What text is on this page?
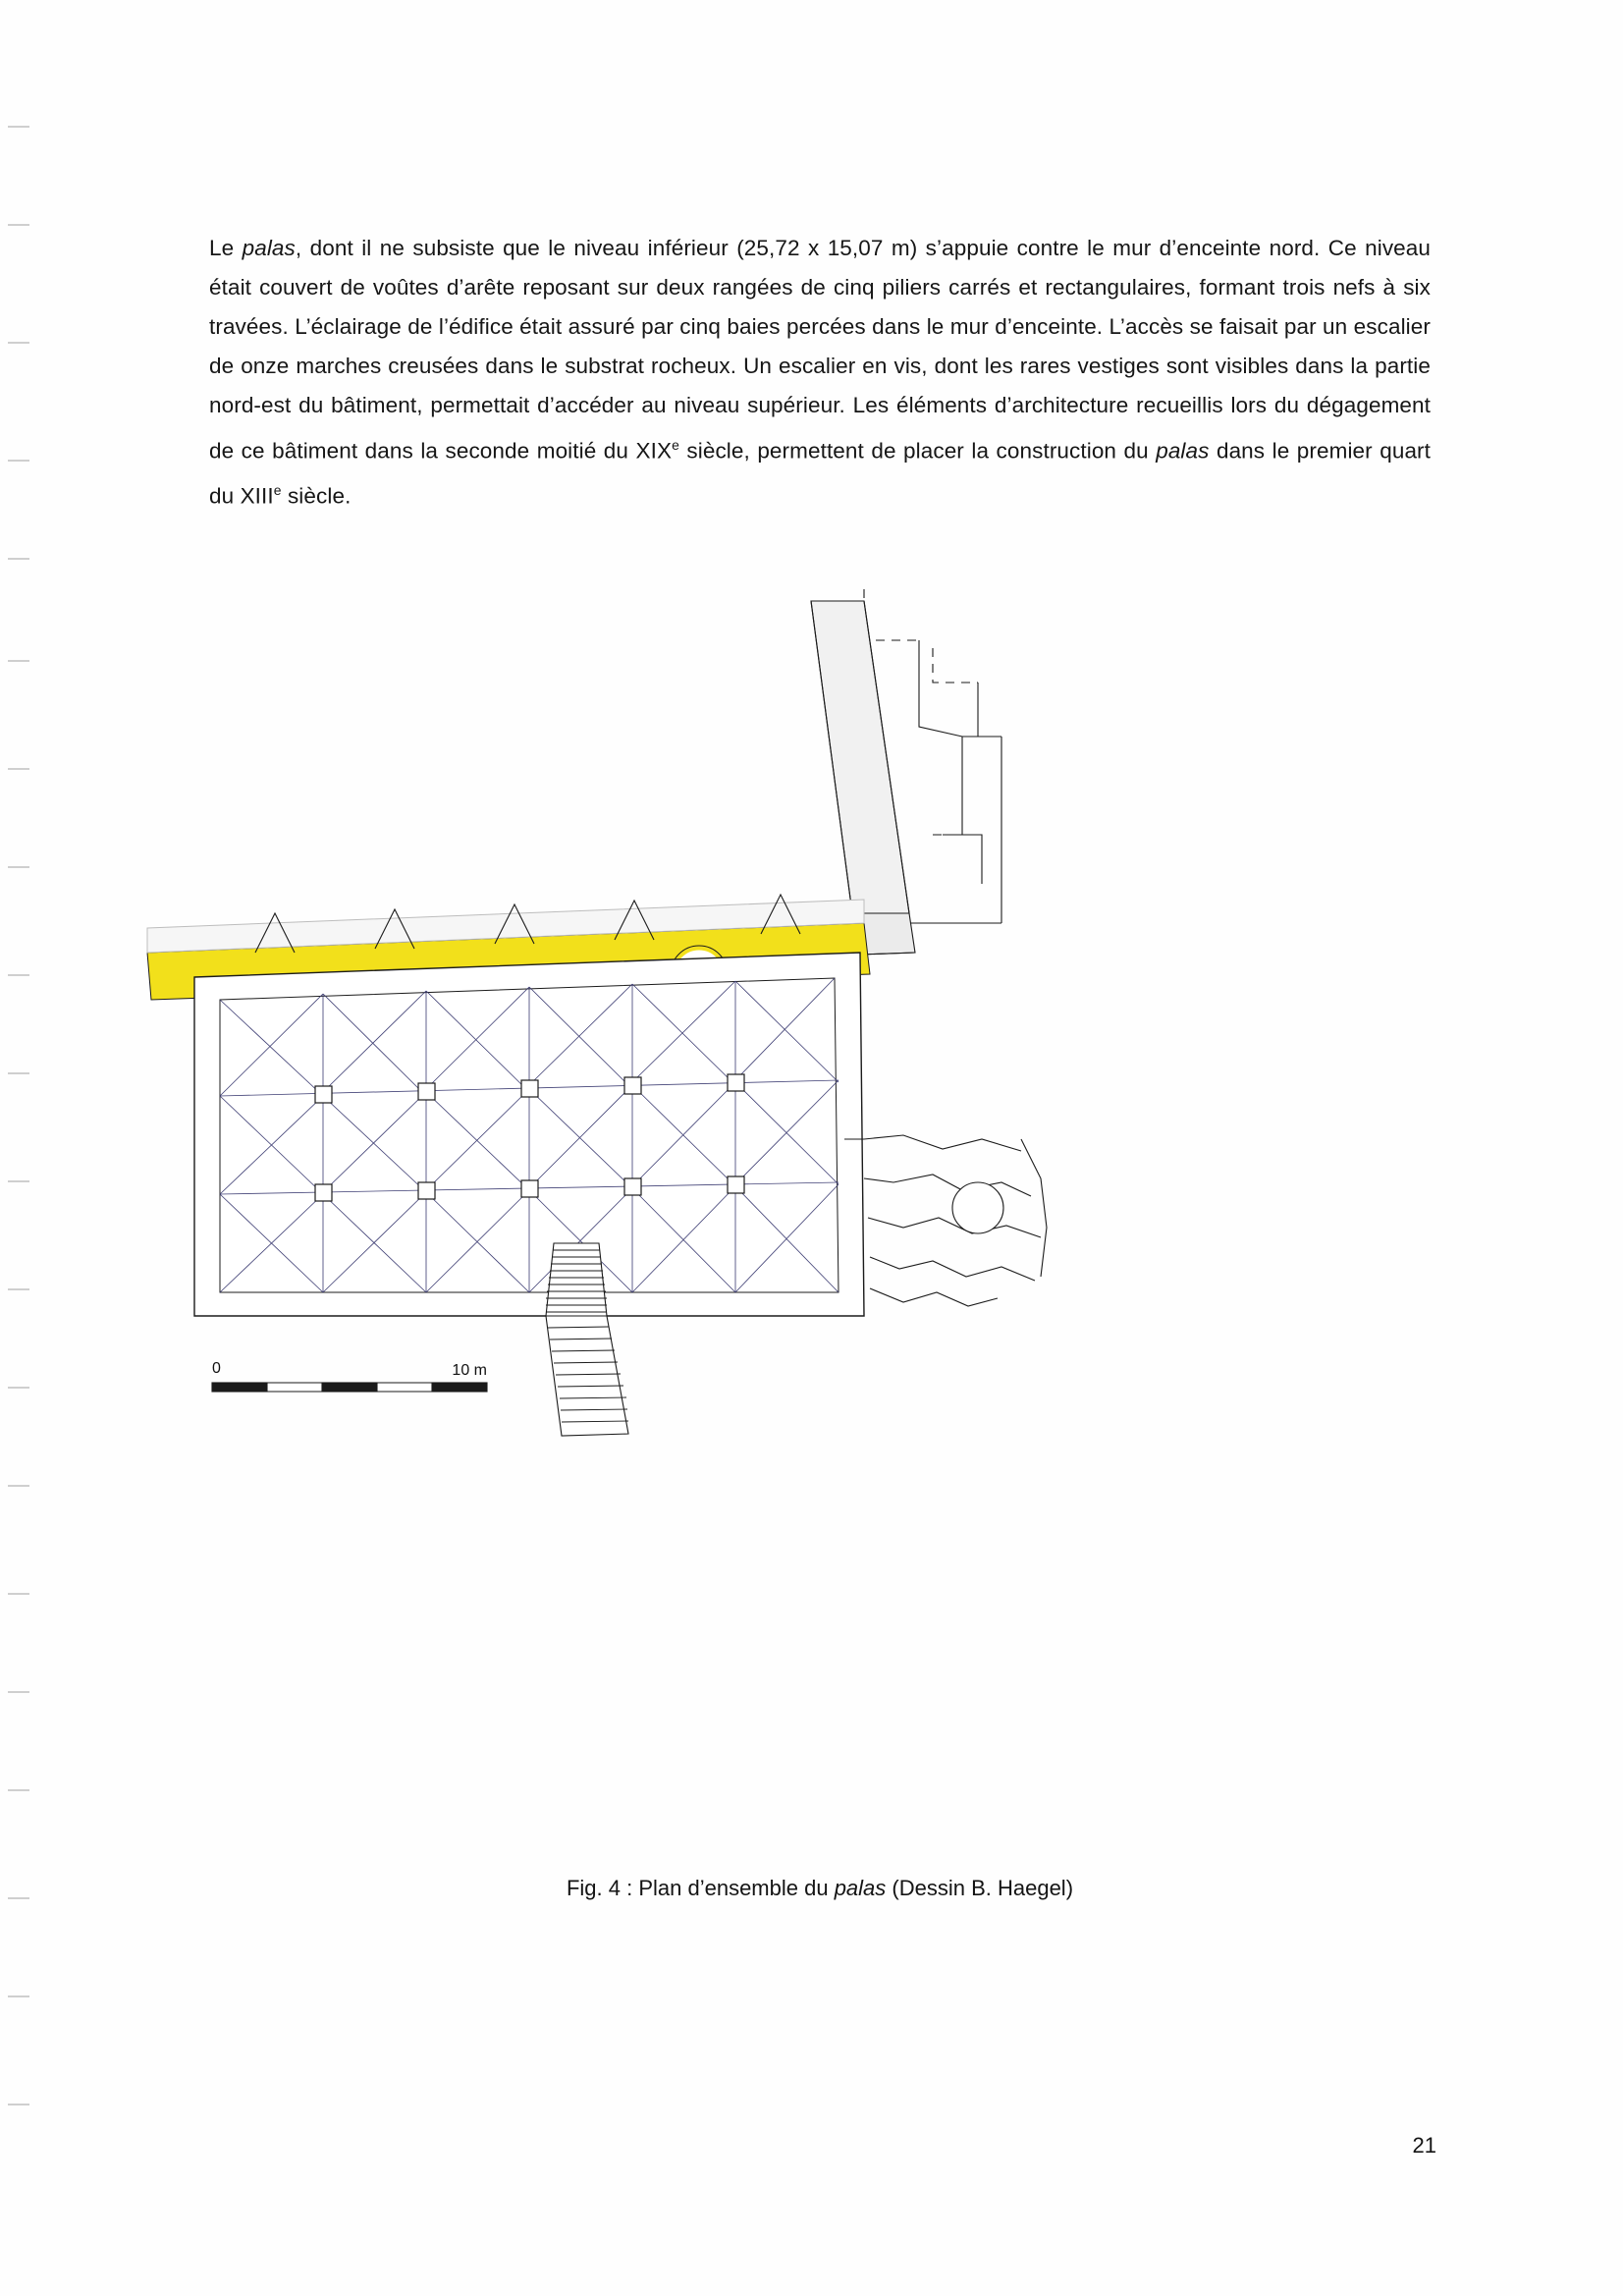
Le palas, dont il ne subsiste que le niveau inférieur (25,72 x 15,07 m) s’appuie contre le mur d’enceinte nord. Ce niveau était couvert de voûtes d’arête reposant sur deux rangées de cinq piliers carrés et rectangulaires, formant trois nefs à six travées. L’éclairage de l’édifice était assuré par cinq baies percées dans le mur d’enceinte. L’accès se faisait par un escalier de onze marches creusées dans le substrat rocheux. Un escalier en vis, dont les rares vestiges sont visibles dans la partie nord-est du bâtiment, permettait d’accéder au niveau supérieur. Les éléments d’architecture recueillis lors du dégagement de ce bâtiment dans la seconde moitié du XIXe siècle, permettent de placer la construction du palas dans le premier quart du XIIIe siècle.

0	10 m
Fig. 4 : Plan d’ensemble du palas (Dessin B. Haegel)
21
